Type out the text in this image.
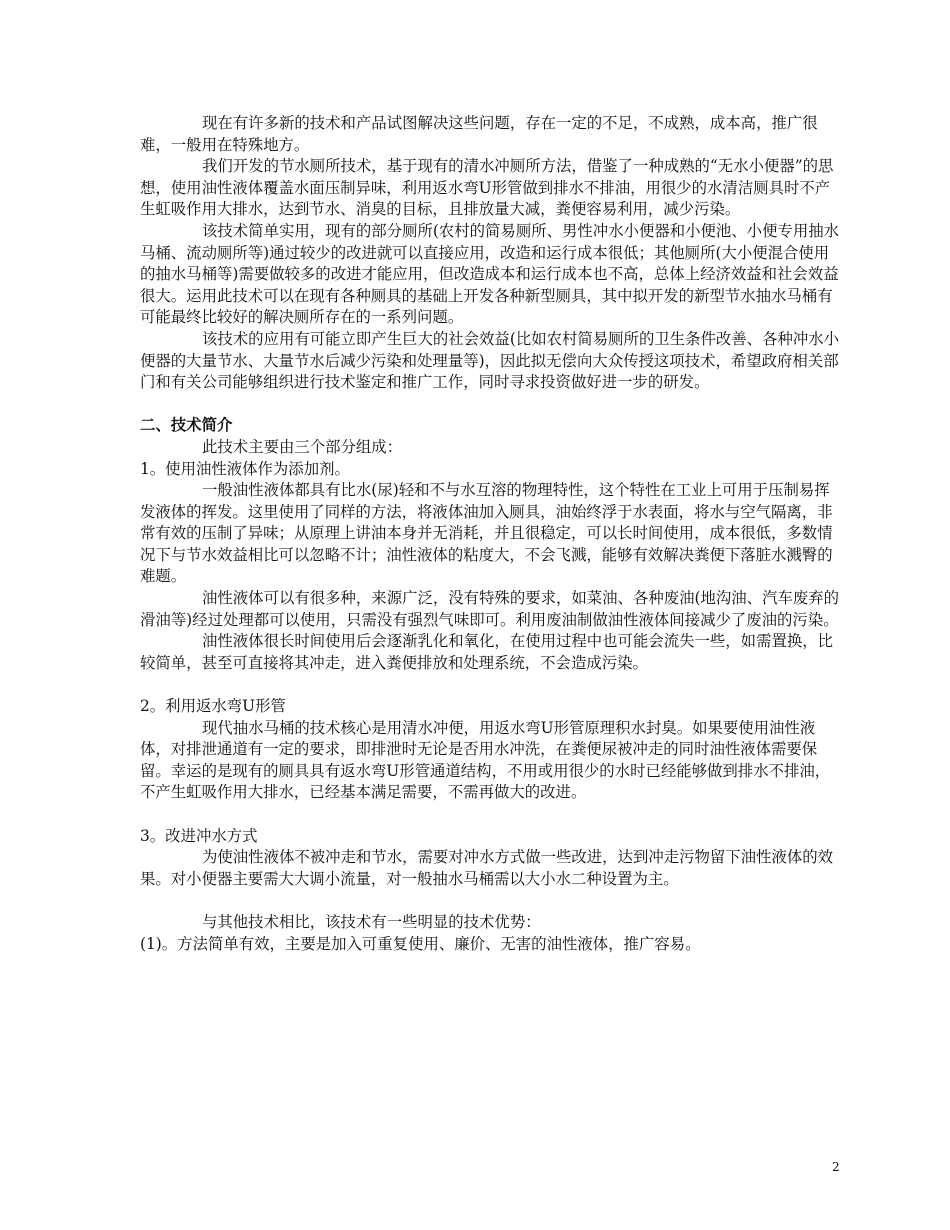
现在有许多新的技术和产品试图解决这些问题，存在一定的不足，不成熟，成本高，推广很难，一般用在特殊地方。

我们开发的节水厕所技术，基于现有的清水冲厕所方法，借鉴了一种成熟的“无水小便器”的思想，使用油性液体覆盖水面压制异味，利用返水弯U形管做到排水不排油，用很少的水清洁厕具时不产生虹吸作用大排水，达到节水、消臭的目标，且排放量大减，粪便容易利用，减少污染。

该技术简单实用，现有的部分厕所(农村的简易厕所、男性冲水小便器和小便池、小便专用抽水马桶、流动厕所等)通过较少的改进就可以直接应用，改造和运行成本很低；其他厕所(大小便混合使用的抽水马桶等)需要做较多的改进才能应用，但改造成本和运行成本也不高，总体上经济效益和社会效益很大。运用此技术可以在现有各种厕具的基础上开发各种新型厕具，其中拟开发的新型节水抽水马桶有可能最终比较好的解决厕所存在的一系列问题。

该技术的应用有可能立即产生巨大的社会效益(比如农村简易厕所的卫生条件改善、各种冲水小便器的大量节水、大量节水后减少污染和处理量等)，因此拟无偿向大众传授这项技术，希望政府相关部门和有关公司能够组织进行技术鉴定和推广工作，同时寻求投资做好进一步的研发。

二、技术简介

此技术主要由三个部分组成：

1。使用油性液体作为添加剂。

一般油性液体都具有比水(尿)轻和不与水互溶的物理特性，这个特性在工业上可用于压制易挥发液体的挥发。这里使用了同样的方法，将液体油加入厕具，油始终浮于水表面，将水与空气隔离，非常有效的压制了异味；从原理上讲油本身并无消耗，并且很稳定，可以长时间使用，成本很低，多数情况下与节水效益相比可以忽略不计；油性液体的粘度大，不会飞溅，能够有效解决粪便下落脏水溅臀的难题。

油性液体可以有很多种，来源广泛，没有特殊的要求，如菜油、各种废油(地沟油、汽车废弃的滑油等)经过处理都可以使用，只需没有强烈气味即可。利用废油制做油性液体间接减少了废油的污染。

油性液体很长时间使用后会逐渐乳化和氧化，在使用过程中也可能会流失一些，如需置换，比较简单，甚至可直接将其冲走，进入粪便排放和处理系统，不会造成污染。

2。利用返水弯U形管

现代抽水马桶的技术核心是用清水冲便，用返水弯U形管原理积水封臭。如果要使用油性液体，对排泄通道有一定的要求，即排泄时无论是否用水冲洗，在粪便尿被冲走的同时油性液体需要保留。幸运的是现有的厕具具有返水弯U形管通道结构，不用或用很少的水时已经能够做到排水不排油，不产生虹吸作用大排水，已经基本满足需要，不需再做大的改进。

3。改进冲水方式

为使油性液体不被冲走和节水，需要对冲水方式做一些改进，达到冲走污物留下油性液体的效果。对小便器主要需大大调小流量，对一般抽水马桶需以大小水二种设置为主。

与其他技术相比，该技术有一些明显的技术优势：

(1)。方法简单有效，主要是加入可重复使用、廉价、无害的油性液体，推广容易。

2
